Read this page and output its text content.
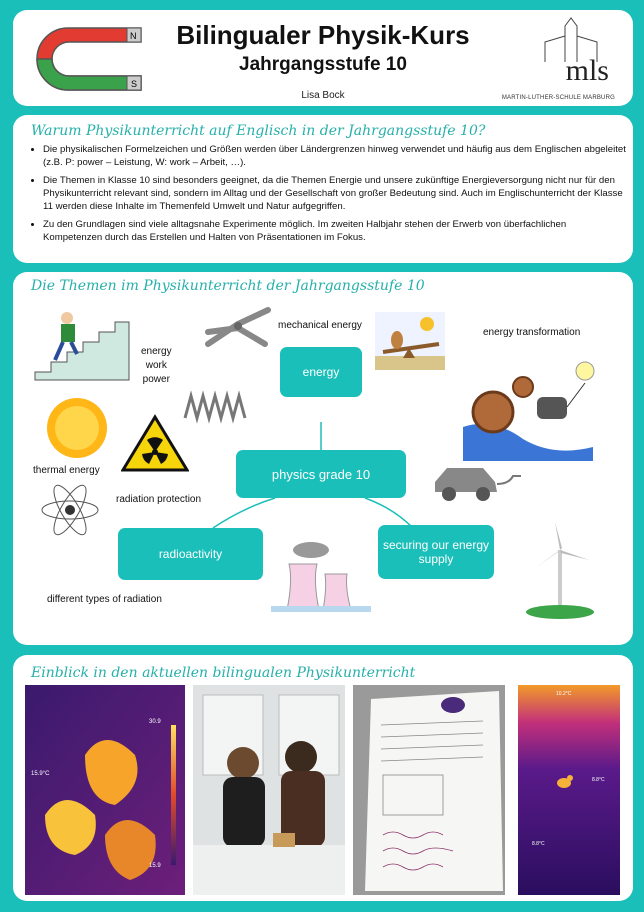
N
S
Bilingualer Physik-Kurs
Jahrgangsstufe 10
Lisa Bock
mls
MARTIN-LUTHER-SCHULE MARBURG
Warum Physikunterricht auf Englisch in der Jahrgangsstufe 10?
• Die physikalischen Formelzeichen und Größen werden über Ländergrenzen hinweg verwendet und häufig aus dem Englischen abgeleitet (z.B. P: power – Leistung, W: work – Arbeit, …).
• Die Themen in Klasse 10 sind besonders geeignet, da die Themen Energie und unsere zukünftige Energieversorgung nicht nur für den Physikunterricht relevant sind, sondern im Alltag und der Gesellschaft von großer Bedeutung sind. Auch im Englischunterricht der Klasse 11 werden diese Inhalte im Themenfeld Umwelt und Natur aufgegriffen.
• Zu den Grundlagen sind viele alltagsnahe Experimente möglich. Im zweiten Halbjahr stehen der Erwerb von überfachlichen Kompetenzen durch das Erstellen und Halten von Präsentationen im Fokus.
Die Themen im Physikunterricht der Jahrgangsstufe 10
energy
physics grade 10
radioactivity
securing our energy supply
energy
work
power
mechanical energy
energy transformation
thermal energy
radiation protection
different types of radiation
Einblick in den aktuellen bilingualen Physikunterricht
15.9°C
30.9
15.9
10.2°C
8.8°C
8.8°C
